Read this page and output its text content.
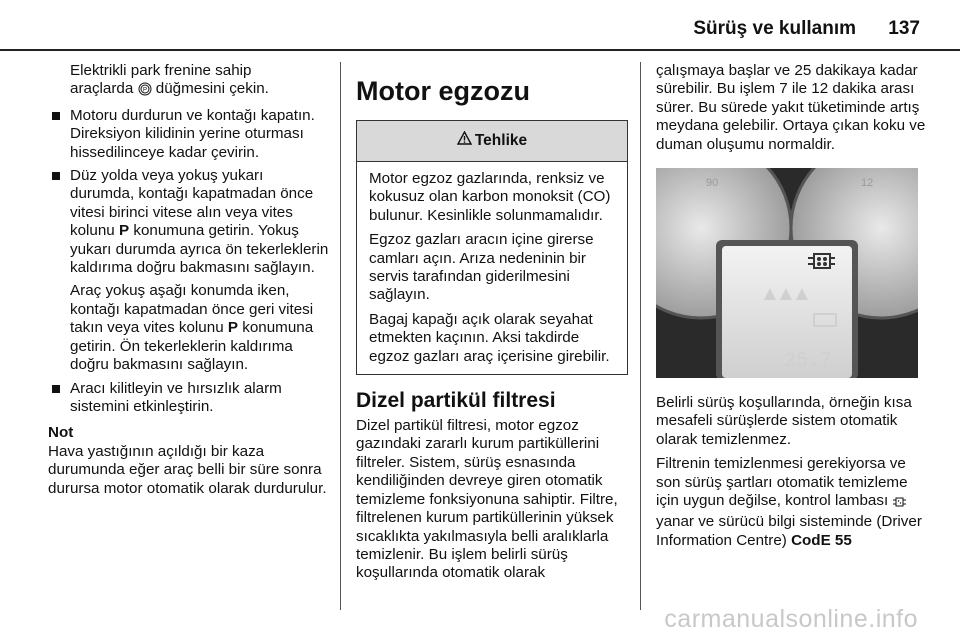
Sürüş ve kullanım 137

Elektrikli park frenine sahip
araçlarda P düğmesini çekin.

Motoru durdurun ve kontağı kapatın. Direksiyon kilidinin yerine oturması hissedilinceye kadar çevirin.

Düz yolda veya yokuş yukarı durumda, kontağı kapatmadan önce vitesi birinci vitese alın veya vites kolunu P konumuna getirin. Yokuş yukarı durumda ayrıca ön tekerleklerin kaldırıma doğru bakmasını sağlayın.

Araç yokuş aşağı konumda iken, kontağı kapatmadan önce geri vitesi takın veya vites kolunu P konumuna getirin. Ön tekerleklerin kaldırıma doğru bakmasını sağlayın.

Aracı kilitleyin ve hırsızlık alarm sistemini etkinleştirin.

Not

Hava yastığının açıldığı bir kaza durumunda eğer araç belli bir süre sonra durursa motor otomatik olarak durdurulur.

Motor egzozu

Tehlike

Motor egzoz gazlarında, renksiz ve kokusuz olan karbon monoksit (CO) bulunur. Kesinlikle solunmamalıdır.

Egzoz gazları aracın içine girerse camları açın. Arıza nedeninin bir servis tarafından giderilmesini sağlayın.

Bagaj kapağı açık olarak seyahat etmekten kaçının. Aksi takdirde egzoz gazları araç içerisine girebilir.

Dizel partikül filtresi

Dizel partikül filtresi, motor egzoz gazındaki zararlı kurum partiküllerini filtreler. Sistem, sürüş esnasında kendiliğinden devreye giren otomatik temizleme fonksiyonuna sahiptir. Filtre, filtrelenen kurum partiküllerinin yüksek sıcaklıkta yakılmasıyla belli aralıklarla temizlenir. Bu işlem belirli sürüş koşullarında otomatik olarak

çalışmaya başlar ve 25 dakikaya kadar sürebilir. Bu işlem 7 ile 12 dakika arası sürer. Bu sürede yakıt tüketiminde artış meydana gelebilir. Ortaya çıkan koku ve duman oluşumu normaldir.

90	12
25.7

Belirli sürüş koşullarında, örneğin kısa mesafeli sürüşlerde sistem otomatik olarak temizlenmez.

Filtrenin temizlenmesi gerekiyorsa ve son sürüş şartları otomatik temizleme için uygun değilse, kontrol lambası  yanar ve sürücü bilgi sisteminde (Driver Information Centre) CodE 55

carmanualsonline.info
